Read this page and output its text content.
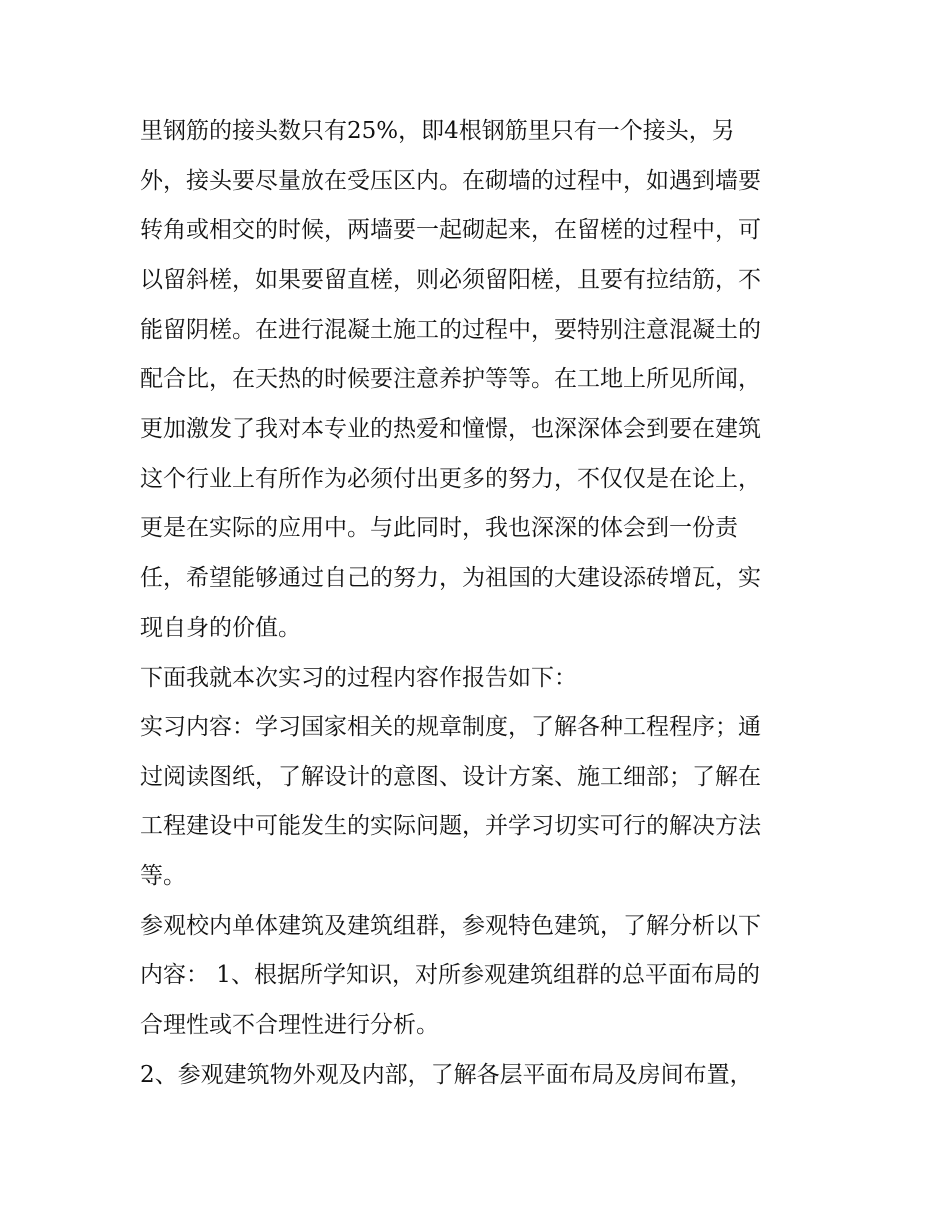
里钢筋的接头数只有25%，即4根钢筋里只有一个接头，另
外，接头要尽量放在受压区内。在砌墙的过程中，如遇到墙要
转角或相交的时候，两墙要一起砌起来，在留槎的过程中，可
以留斜槎，如果要留直槎，则必须留阳槎，且要有拉结筋，不
能留阴槎。在进行混凝土施工的过程中，要特别注意混凝土的
配合比，在天热的时候要注意养护等等。在工地上所见所闻，
更加激发了我对本专业的热爱和憧憬，也深深体会到要在建筑
这个行业上有所作为必须付出更多的努力，不仅仅是在论上，
更是在实际的应用中。与此同时，我也深深的体会到一份责
任，希望能够通过自己的努力，为祖国的大建设添砖增瓦，实
现自身的价值。
下面我就本次实习的过程内容作报告如下：
实习内容：学习国家相关的规章制度，了解各种工程程序；通
过阅读图纸，了解设计的意图、设计方案、施工细部；了解在
工程建设中可能发生的实际问题，并学习切实可行的解决方法
等。
参观校内单体建筑及建筑组群，参观特色建筑，了解分析以下
内容： 1、根据所学知识，对所参观建筑组群的总平面布局的
合理性或不合理性进行分析。
2、参观建筑物外观及内部，了解各层平面布局及房间布置，
